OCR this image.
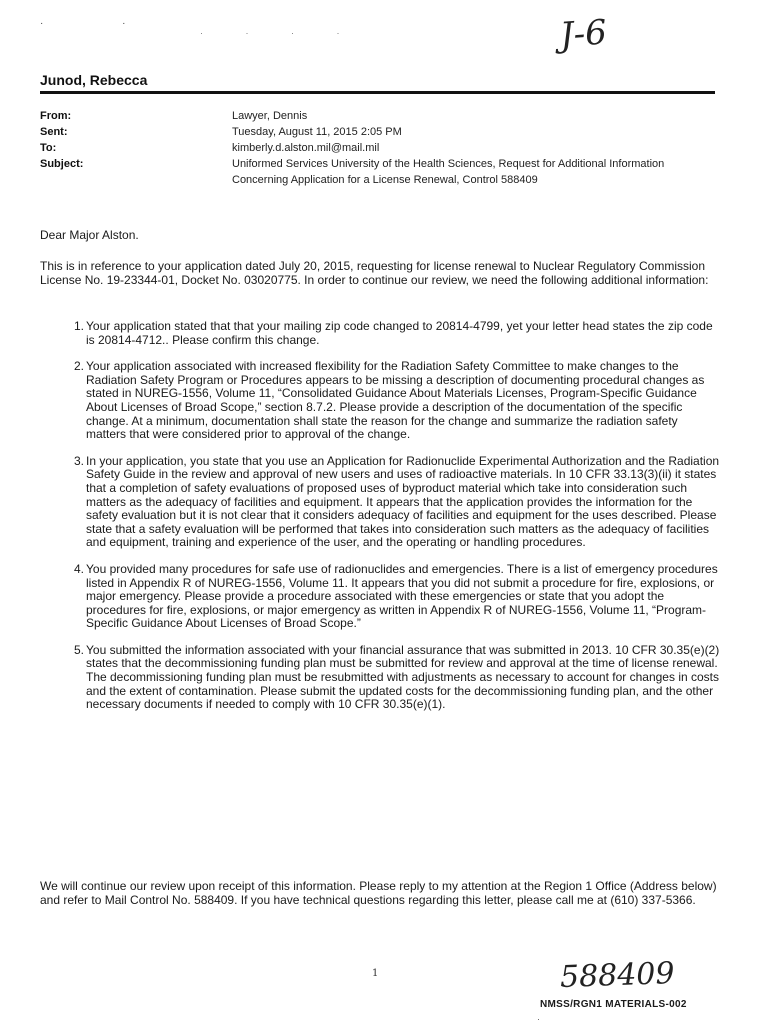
· ·
· · · ·	J-6
Junod, Rebecca
From:	Lawyer, Dennis
Sent:	Tuesday, August 11, 2015 2:05 PM
To:	kimberly.d.alston.mil@mail.mil
Subject:	Uniformed Services University of the Health Sciences, Request for Additional Information Concerning Application for a License Renewal, Control 588409
Dear Major Alston.
This is in reference to your application dated July 20, 2015, requesting for license renewal to Nuclear Regulatory Commission License No. 19-23344-01, Docket No. 03020775. In order to continue our review, we need the following additional information:
1. Your application stated that that your mailing zip code changed to 20814-4799, yet your letter head states the zip code is 20814-4712.. Please confirm this change.
2. Your application associated with increased flexibility for the Radiation Safety Committee to make changes to the Radiation Safety Program or Procedures appears to be missing a description of documenting procedural changes as stated in NUREG-1556, Volume 11, “Consolidated Guidance About Materials Licenses, Program-Specific Guidance About Licenses of Broad Scope,” section 8.7.2. Please provide a description of the documentation of the specific change. At a minimum, documentation shall state the reason for the change and summarize the radiation safety matters that were considered prior to approval of the change.
3. In your application, you state that you use an Application for Radionuclide Experimental Authorization and the Radiation Safety Guide in the review and approval of new users and uses of radioactive materials. In 10 CFR 33.13(3)(ii) it states that a completion of safety evaluations of proposed uses of byproduct material which take into consideration such matters as the adequacy of facilities and equipment. It appears that the application provides the information for the safety evaluation but it is not clear that it considers adequacy of facilities and equipment for the uses described. Please state that a safety evaluation will be performed that takes into consideration such matters as the adequacy of facilities and equipment, training and experience of the user, and the operating or handling procedures.
4. You provided many procedures for safe use of radionuclides and emergencies. There is a list of emergency procedures listed in Appendix R of NUREG-1556, Volume 11. It appears that you did not submit a procedure for fire, explosions, or major emergency. Please provide a procedure associated with these emergencies or state that you adopt the procedures for fire, explosions, or major emergency as written in Appendix R of NUREG-1556, Volume 11, “Program-Specific Guidance About Licenses of Broad Scope.”
5. You submitted the information associated with your financial assurance that was submitted in 2013. 10 CFR 30.35(e)(2) states that the decommissioning funding plan must be submitted for review and approval at the time of license renewal. The decommissioning funding plan must be resubmitted with adjustments as necessary to account for changes in costs and the extent of contamination. Please submit the updated costs for the decommissioning funding plan, and the other necessary documents if needed to comply with 10 CFR 30.35(e)(1).
We will continue our review upon receipt of this information. Please reply to my attention at the Region 1 Office (Address below) and refer to Mail Control No. 588409. If you have technical questions regarding this letter, please call me at (610) 337-5366.
1	588409
NMSS/RGN1 MATERIALS-002
·
